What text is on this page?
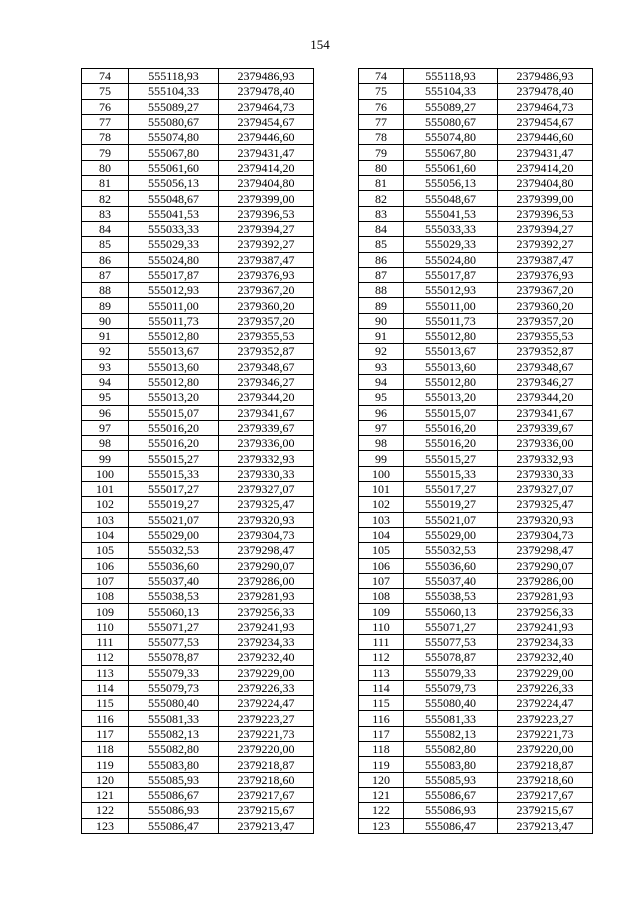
154
74	555118,93	2379486,93		74	555118,93	2379486,93
75	555104,33	2379478,40		75	555104,33	2379478,40
76	555089,27	2379464,73		76	555089,27	2379464,73
77	555080,67	2379454,67		77	555080,67	2379454,67
78	555074,80	2379446,60		78	555074,80	2379446,60
79	555067,80	2379431,47		79	555067,80	2379431,47
80	555061,60	2379414,20		80	555061,60	2379414,20
81	555056,13	2379404,80		81	555056,13	2379404,80
82	555048,67	2379399,00		82	555048,67	2379399,00
83	555041,53	2379396,53		83	555041,53	2379396,53
84	555033,33	2379394,27		84	555033,33	2379394,27
85	555029,33	2379392,27		85	555029,33	2379392,27
86	555024,80	2379387,47		86	555024,80	2379387,47
87	555017,87	2379376,93		87	555017,87	2379376,93
88	555012,93	2379367,20		88	555012,93	2379367,20
89	555011,00	2379360,20		89	555011,00	2379360,20
90	555011,73	2379357,20		90	555011,73	2379357,20
91	555012,80	2379355,53		91	555012,80	2379355,53
92	555013,67	2379352,87		92	555013,67	2379352,87
93	555013,60	2379348,67		93	555013,60	2379348,67
94	555012,80	2379346,27		94	555012,80	2379346,27
95	555013,20	2379344,20		95	555013,20	2379344,20
96	555015,07	2379341,67		96	555015,07	2379341,67
97	555016,20	2379339,67		97	555016,20	2379339,67
98	555016,20	2379336,00		98	555016,20	2379336,00
99	555015,27	2379332,93		99	555015,27	2379332,93
100	555015,33	2379330,33		100	555015,33	2379330,33
101	555017,27	2379327,07		101	555017,27	2379327,07
102	555019,27	2379325,47		102	555019,27	2379325,47
103	555021,07	2379320,93		103	555021,07	2379320,93
104	555029,00	2379304,73		104	555029,00	2379304,73
105	555032,53	2379298,47		105	555032,53	2379298,47
106	555036,60	2379290,07		106	555036,60	2379290,07
107	555037,40	2379286,00		107	555037,40	2379286,00
108	555038,53	2379281,93		108	555038,53	2379281,93
109	555060,13	2379256,33		109	555060,13	2379256,33
110	555071,27	2379241,93		110	555071,27	2379241,93
111	555077,53	2379234,33		111	555077,53	2379234,33
112	555078,87	2379232,40		112	555078,87	2379232,40
113	555079,33	2379229,00		113	555079,33	2379229,00
114	555079,73	2379226,33		114	555079,73	2379226,33
115	555080,40	2379224,47		115	555080,40	2379224,47
116	555081,33	2379223,27		116	555081,33	2379223,27
117	555082,13	2379221,73		117	555082,13	2379221,73
118	555082,80	2379220,00		118	555082,80	2379220,00
119	555083,80	2379218,87		119	555083,80	2379218,87
120	555085,93	2379218,60		120	555085,93	2379218,60
121	555086,67	2379217,67		121	555086,67	2379217,67
122	555086,93	2379215,67		122	555086,93	2379215,67
123	555086,47	2379213,47		123	555086,47	2379213,47
